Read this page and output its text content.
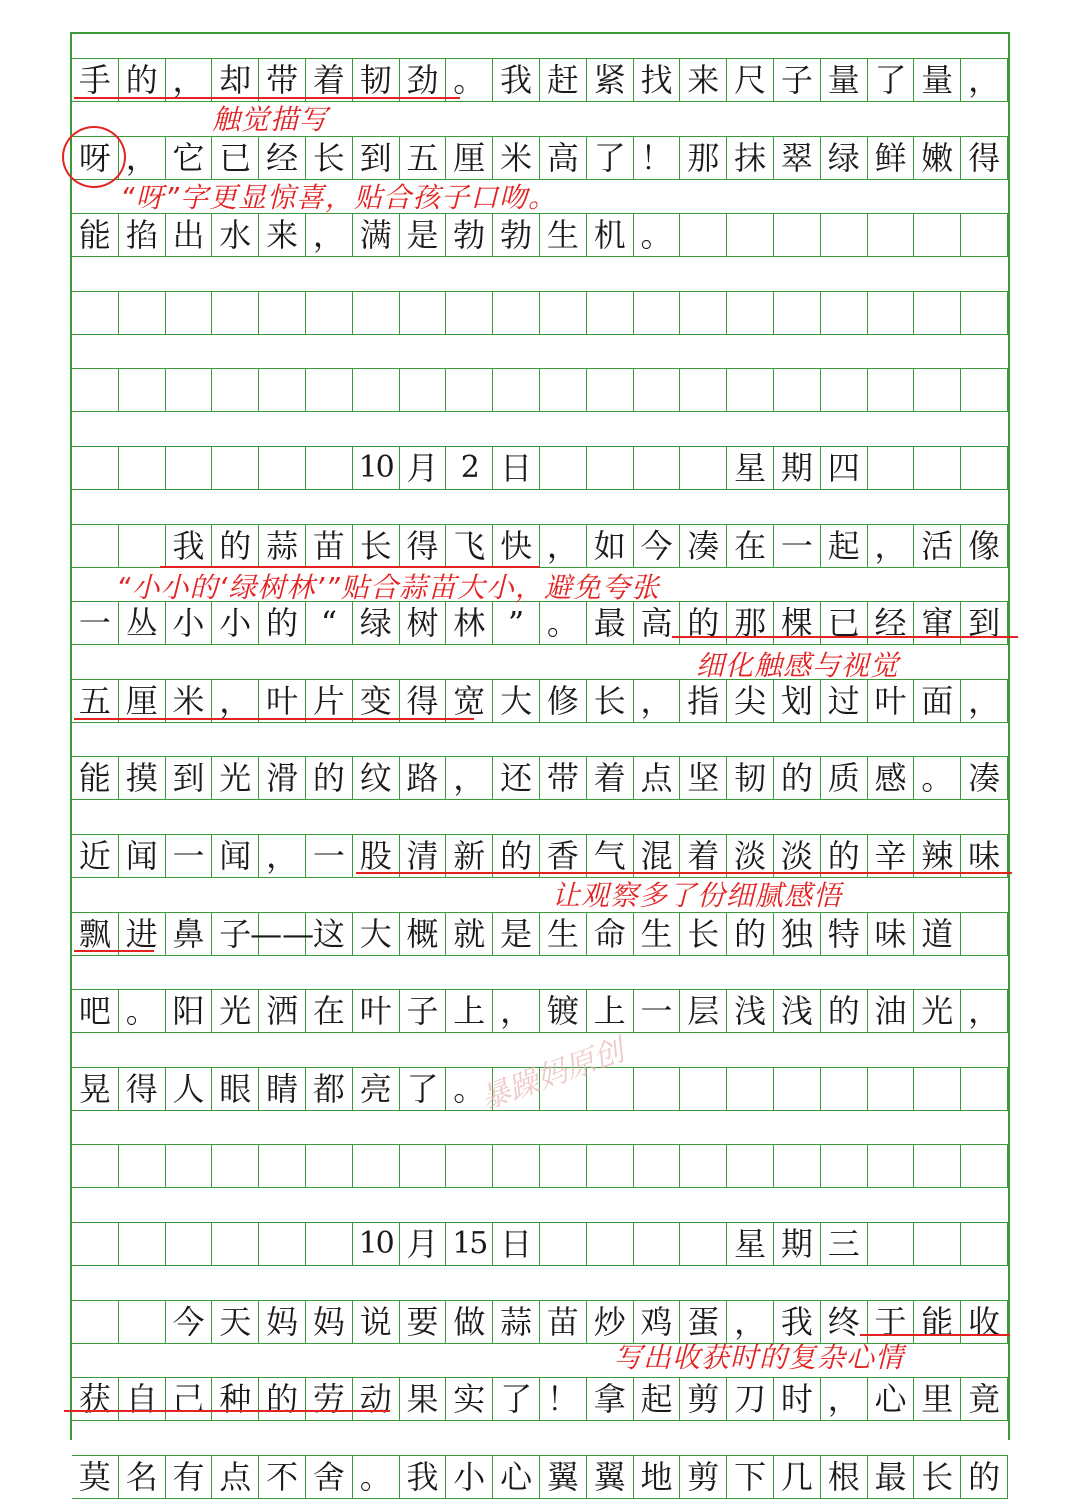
手 的 ， 却 带 着 韧 劲 。 我 赶 紧 找 来 尺 子 量 了 量 ，
呀 ， 它 已 经 长 到 五 厘 米 高 了 ！ 那 抹 翠 绿 鲜 嫩 得
能 掐 出 水 来 ， 满 是 勃 勃 生 机 。
10 月 2 日	星 期 四
我 的 蒜 苗 长 得 飞 快 ， 如 今 凑 在 一 起 ， 活 像
一 丛 小 小 的 “ 绿 树 林 ” 。 最 高 的 那 棵 已 经 窜 到
五 厘 米 ， 叶 片 变 得 宽 大 修 长 ， 指 尖 划 过 叶 面 ，
能 摸 到 光 滑 的 纹 路 ， 还 带 着 点 坚 韧 的 质 感 。 凑
近 闻 一 闻 ， 一 股 清 新 的 香 气 混 着 淡 淡 的 辛 辣 味
飘 进 鼻 子
——
这 大 概 就 是 生 命 生 长 的 独 特 味 道
吧 。 阳 光 洒 在 叶 子 上 ， 镀 上 一 层 浅 浅 的 油 光 ，
晃 得 人 眼 睛 都 亮 了 。
10 月 15 日	星 期 三
今 天 妈 妈 说 要 做 蒜 苗 炒 鸡 蛋 ， 我 终 于 能 收
获 自 己 种 的 劳 动 果 实 了 ！ 拿 起 剪 刀 时 ， 心 里 竟
莫 名 有 点 不 舍 。 我 小 心 翼 翼 地 剪 下 几 根 最 长 的
触觉描写
“呀”字更显惊喜，贴合孩子口吻。
“小小的‘绿树林’”贴合蒜苗大小，避免夸张
细化触感与视觉
让观察多了份细腻感悟
写出收获时的复杂心情
暴躁妈原创
